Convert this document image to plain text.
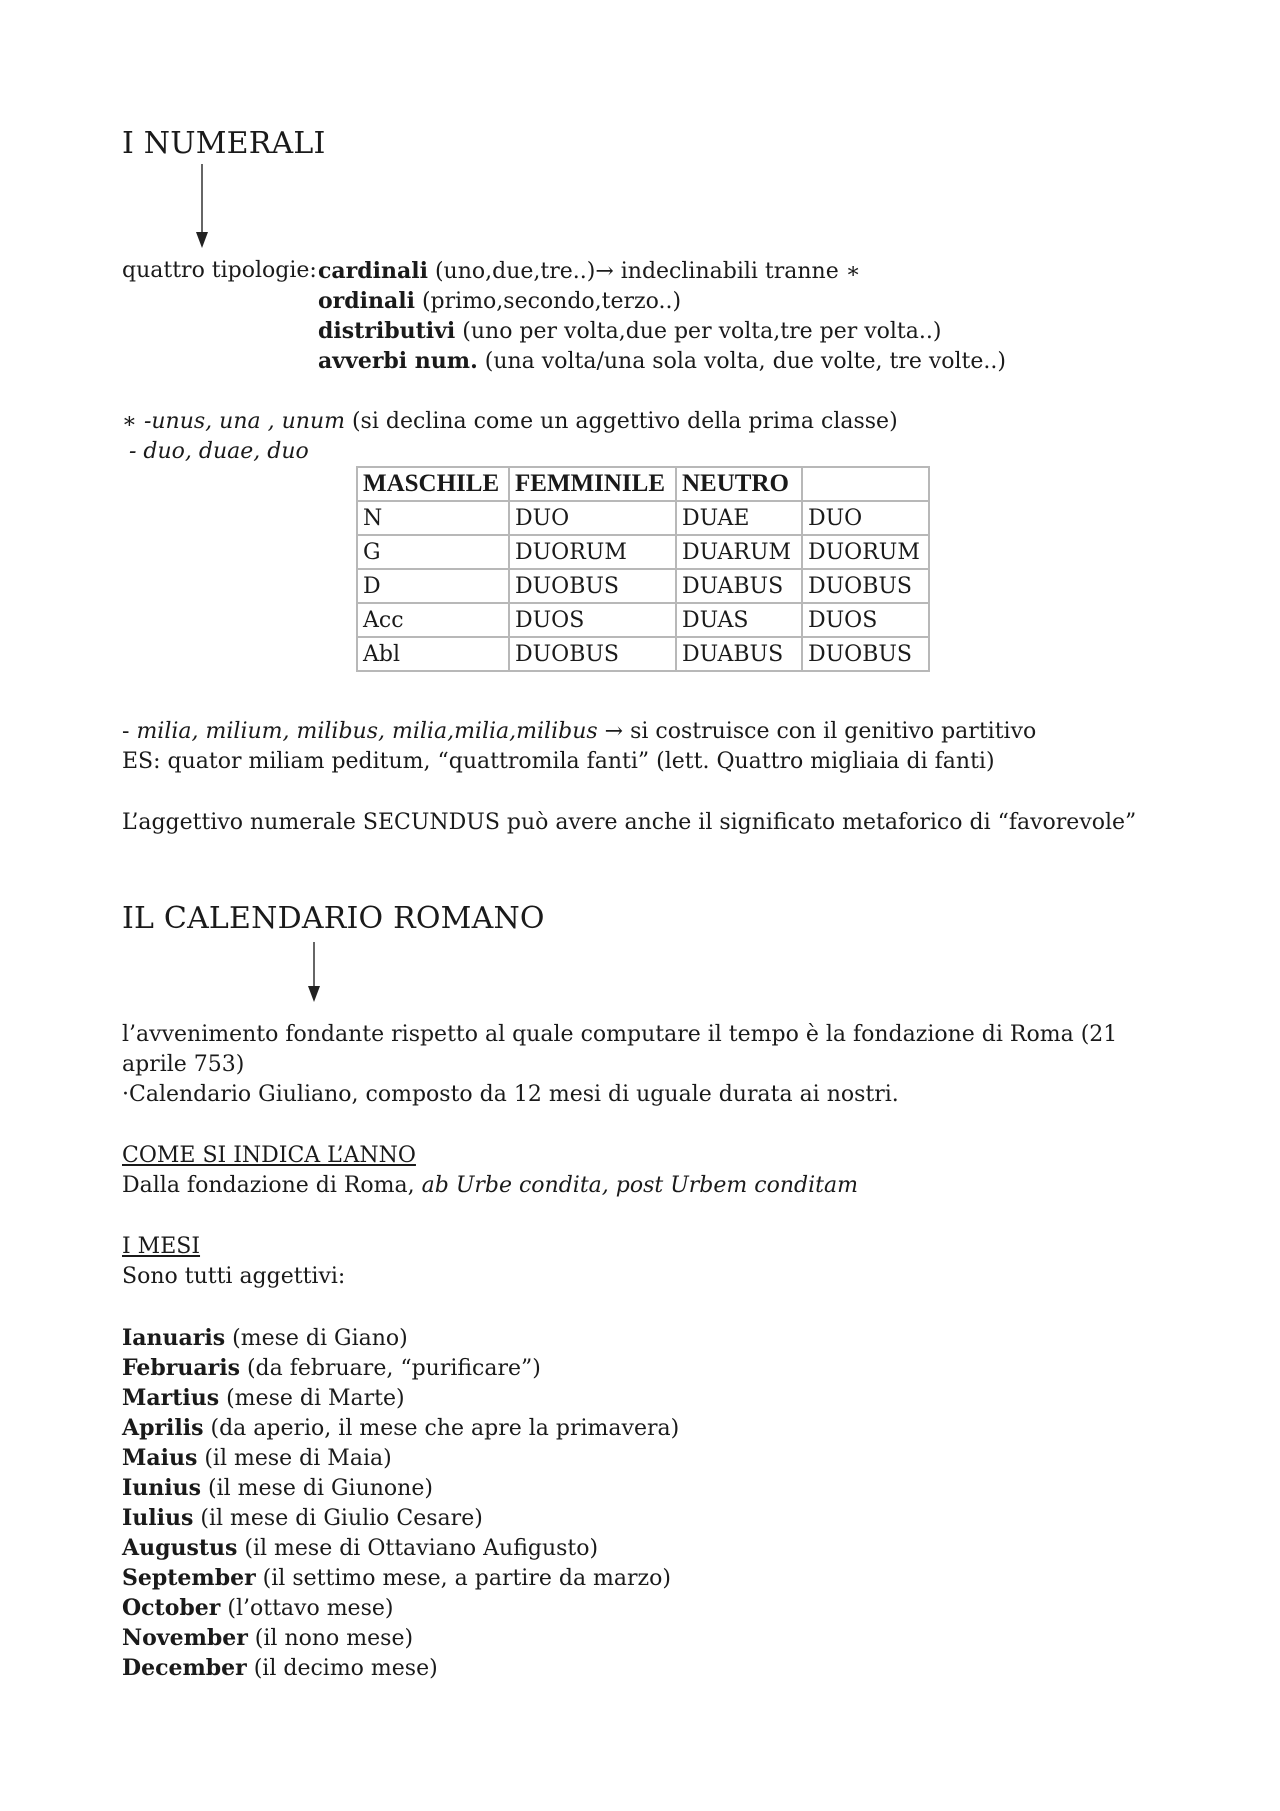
I NUMERALI
quattro tipologie: cardinali (uno,due,tre..)→ indeclinabili tranne ∗
ordinali (primo,secondo,terzo..)
distributivi (uno per volta,due per volta,tre per volta..)
avverbi num. (una volta/una sola volta, due volte, tre volte..)
∗ -unus, una , unum (si declina come un aggettivo della prima classe)
- duo, duae, duo
MASCHILE	FEMMINILE	NEUTRO	
N	DUO	DUAE	DUO
G	DUORUM	DUARUM	DUORUM
D	DUOBUS	DUABUS	DUOBUS
Acc	DUOS	DUAS	DUOS
Abl	DUOBUS	DUABUS	DUOBUS
- milia, milium, milibus, milia,milia,milibus → si costruisce con il genitivo partitivo
ES: quator miliam peditum, “quattromila fanti” (lett. Quattro migliaia di fanti)
L’aggettivo numerale SECUNDUS può avere anche il significato metaforico di “favorevole”
IL CALENDARIO ROMANO
l’avvenimento fondante rispetto al quale computare il tempo è la fondazione di Roma (21
aprile 753)
·Calendario Giuliano, composto da 12 mesi di uguale durata ai nostri.
COME SI INDICA L’ANNO
Dalla fondazione di Roma, ab Urbe condita, post Urbem conditam
I MESI
Sono tutti aggettivi:
Ianuaris (mese di Giano)
Februaris (da februare, “purificare”)
Martius (mese di Marte)
Aprilis (da aperio, il mese che apre la primavera)
Maius (il mese di Maia)
Iunius (il mese di Giunone)
Iulius (il mese di Giulio Cesare)
Augustus (il mese di Ottaviano Aufigusto)
September (il settimo mese, a partire da marzo)
October (l’ottavo mese)
November (il nono mese)
December (il decimo mese)
